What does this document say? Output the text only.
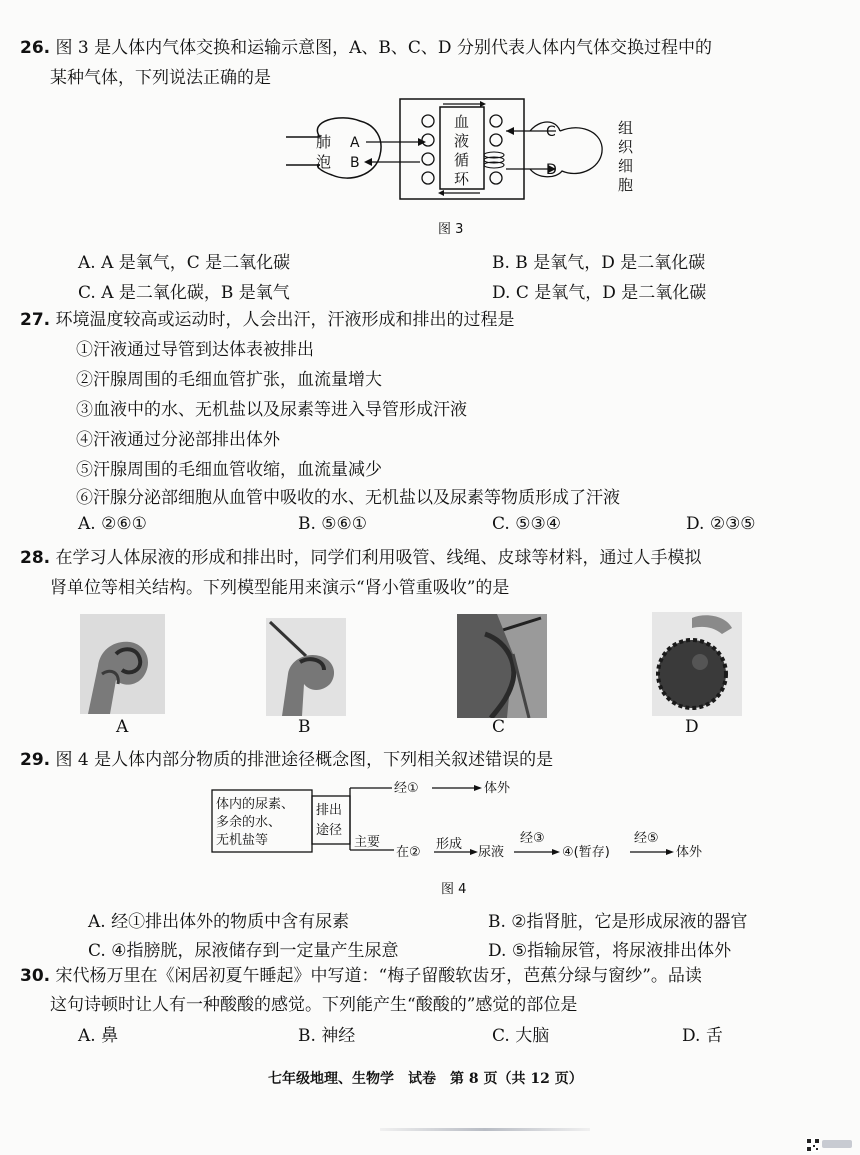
26. 图 3 是人体内气体交换和运输示意图，A、B、C、D 分别代表人体内气体交换过程中的
某种气体，下列说法正确的是
肺
泡
A
B
血
液
循
环
C
D
组
织
细
胞
图 3
A. A 是氧气，C 是二氧化碳	B. B 是氧气，D 是二氧化碳
C. A 是二氧化碳，B 是氧气	D. C 是氧气，D 是二氧化碳
27. 环境温度较高或运动时，人会出汗，汗液形成和排出的过程是
①汗液通过导管到达体表被排出
②汗腺周围的毛细血管扩张，血流量增大
③血液中的水、无机盐以及尿素等进入导管形成汗液
④汗液通过分泌部排出体外
⑤汗腺周围的毛细血管收缩，血流量减少
⑥汗腺分泌部细胞从血管中吸收的水、无机盐以及尿素等物质形成了汗液
A. ②⑥①	B. ⑤⑥①	C. ⑤③④	D. ②③⑤
28. 在学习人体尿液的形成和排出时，同学们利用吸管、线绳、皮球等材料，通过人手模拟
肾单位等相关结构。下列模型能用来演示“肾小管重吸收”的是
A	B	C	D
29. 图 4 是人体内部分物质的排泄途径概念图，下列相关叙述错误的是
体内的尿素、
多余的水、
无机盐等
排出
途径
经①	体外
主要
在②
形成
尿液
经③
④(暂存)
经⑤
体外
图 4
A. 经①排出体外的物质中含有尿素	B. ②指肾脏，它是形成尿液的器官
C. ④指膀胱，尿液储存到一定量产生尿意	D. ⑤指输尿管，将尿液排出体外
30. 宋代杨万里在《闲居初夏午睡起》中写道：“梅子留酸软齿牙，芭蕉分绿与窗纱”。品读
这句诗顿时让人有一种酸酸的感觉。下列能产生“酸酸的”感觉的部位是
A. 鼻	B. 神经	C. 大脑	D. 舌
七年级地理、生物学　试卷　第 8 页（共 12 页）
